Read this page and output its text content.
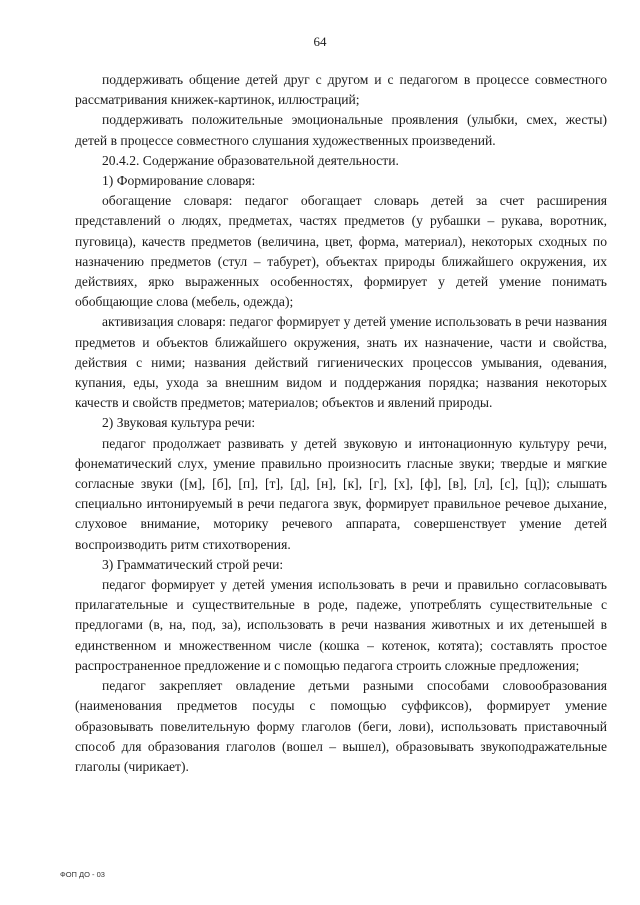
64

поддерживать общение детей друг с другом и с педагогом в процессе совместного рассматривания книжек-картинок, иллюстраций;

поддерживать положительные эмоциональные проявления (улыбки, смех, жесты) детей в процессе совместного слушания художественных произведений.

20.4.2. Содержание образовательной деятельности.

1) Формирование словаря:

обогащение словаря: педагог обогащает словарь детей за счет расширения представлений о людях, предметах, частях предметов (у рубашки – рукава, воротник, пуговица), качеств предметов (величина, цвет, форма, материал), некоторых сходных по назначению предметов (стул – табурет), объектах природы ближайшего окружения, их действиях, ярко выраженных особенностях, формирует у детей умение понимать обобщающие слова (мебель, одежда);

активизация словаря: педагог формирует у детей умение использовать в речи названия предметов и объектов ближайшего окружения, знать их назначение, части и свойства, действия с ними; названия действий гигиенических процессов умывания, одевания, купания, еды, ухода за внешним видом и поддержания порядка; названия некоторых качеств и свойств предметов; материалов; объектов и явлений природы.

2) Звуковая культура речи:

педагог продолжает развивать у детей звуковую и интонационную культуру речи, фонематический слух, умение правильно произносить гласные звуки; твердые и мягкие согласные звуки ([м], [б], [п], [т], [д], [н], [к], [г], [х], [ф], [в], [л], [с], [ц]); слышать специально интонируемый в речи педагога звук, формирует правильное речевое дыхание, слуховое внимание, моторику речевого аппарата, совершенствует умение детей воспроизводить ритм стихотворения.

3) Грамматический строй речи:

педагог формирует у детей умения использовать в речи и правильно согласовывать прилагательные и существительные в роде, падеже, употреблять существительные с предлогами (в, на, под, за), использовать в речи названия животных и их детенышей в единственном и множественном числе (кошка – котенок, котята); составлять простое распространенное предложение и с помощью педагога строить сложные предложения;

педагог закрепляет овладение детьми разными способами словообразования (наименования предметов посуды с помощью суффиксов), формирует умение образовывать повелительную форму глаголов (беги, лови), использовать приставочный способ для образования глаголов (вошел – вышел), образовывать звукоподражательные глаголы (чирикает).

ФОП ДО - 03
